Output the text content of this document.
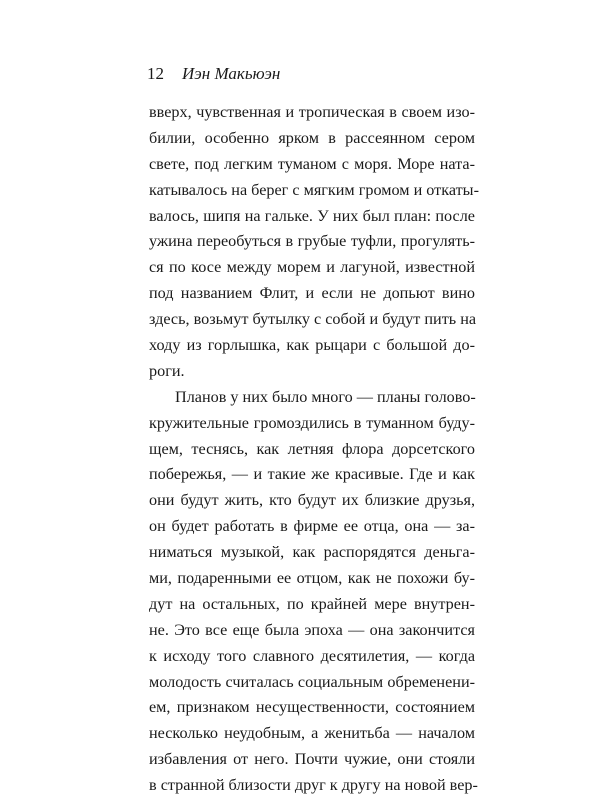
12 Иэн Макьюэн
вверх, чувственная и тропическая в своем изо-
билии, особенно ярком в рассеянном сером
свете, под легким туманом с моря. Море ната-
катывалось на берег с мягким громом и откаты-
валось, шипя на гальке. У них был план: после
ужина переобуться в грубые туфли, прогулять-
ся по косе между морем и лагуной, известной
под названием Флит, и если не допьют вино
здесь, возьмут бутылку с собой и будут пить на
ходу из горлышка, как рыцари с большой до-
роги.
Планов у них было много — планы голово-
кружительные громоздились в туманном буду-
щем, теснясь, как летняя флора дорсетского
побережья, — и такие же красивые. Где и как
они будут жить, кто будут их близкие друзья,
он будет работать в фирме ее отца, она — за-
ниматься музыкой, как распорядятся деньга-
ми, подаренными ее отцом, как не похожи бу-
дут на остальных, по крайней мере внутрен-
не. Это все еще была эпоха — она закончится
к исходу того славного десятилетия, — когда
молодость считалась социальным обременени-
ем, признаком несущественности, состоянием
несколько неудобным, а женитьба — началом
избавления от него. Почти чужие, они стояли
в странной близости друг к другу на новой вер-
